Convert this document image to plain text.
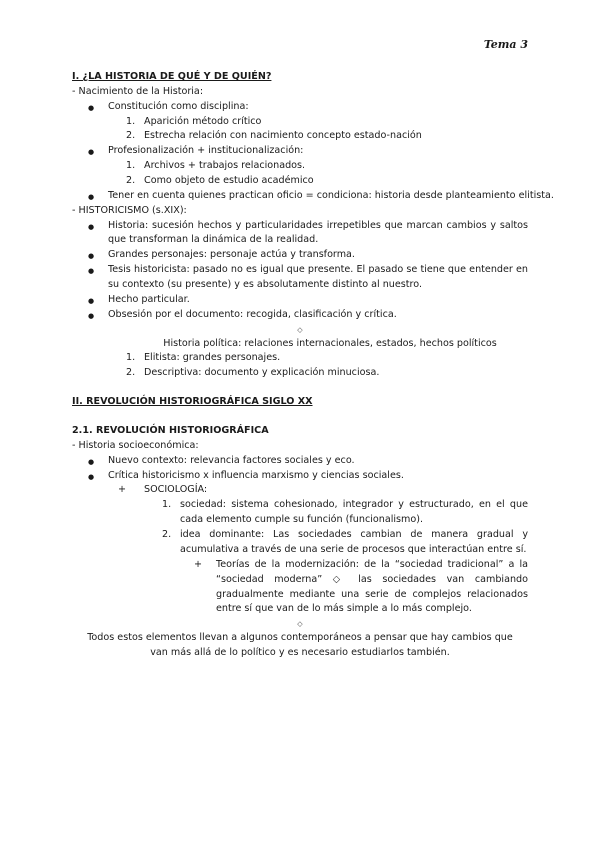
Tema 3

I. ¿LA HISTORIA DE QUÉ Y DE QUIÉN?

- Nacimiento de la Historia:

● Constitución como disciplina:
1. Aparición método crítico
2. Estrecha relación con nacimiento concepto estado-nación
● Profesionalización + institucionalización:
1. Archivos + trabajos relacionados.
2. Como objeto de estudio académico
● Tener en cuenta quienes practican oficio = condiciona: historia desde planteamiento elitista.

- HISTORICISMO (s.XIX):

● Historia: sucesión hechos y particularidades irrepetibles que marcan cambios y saltos que transforman la dinámica de la realidad.
● Grandes personajes: personaje actúa y transforma.
● Tesis historicista: pasado no es igual que presente. El pasado se tiene que entender en su contexto (su presente) y es absolutamente distinto al nuestro.
● Hecho particular.
● Obsesión por el documento: recogida, clasificación y crítica.
◇

Historia política: relaciones internacionales, estados, hechos políticos

1. Elitista: grandes personajes.
2. Descriptiva: documento y explicación minuciosa.

II. REVOLUCIÓN HISTORIOGRÁFICA SIGLO XX

2.1. REVOLUCIÓN HISTORIOGRÁFICA

- Historia socioeconómica:

● Nuevo contexto: relevancia factores sociales y eco.
● Crítica historicismo x influencia marxismo y ciencias sociales.
+ SOCIOLOGÍA:
1. sociedad: sistema cohesionado, integrador y estructurado, en el que cada elemento cumple su función (funcionalismo).
2. idea dominante: Las sociedades cambian de manera gradual y acumulativa a través de una serie de procesos que interactúan entre sí.
+ Teorías de la modernización: de la “sociedad tradicional” a la “sociedad moderna” ◇ las sociedades van cambiando gradualmente mediante una serie de complejos relacionados entre sí que van de lo más simple a lo más complejo.
◇

Todos estos elementos llevan a algunos contemporáneos a pensar que hay cambios que van más allá de lo político y es necesario estudiarlos también.
